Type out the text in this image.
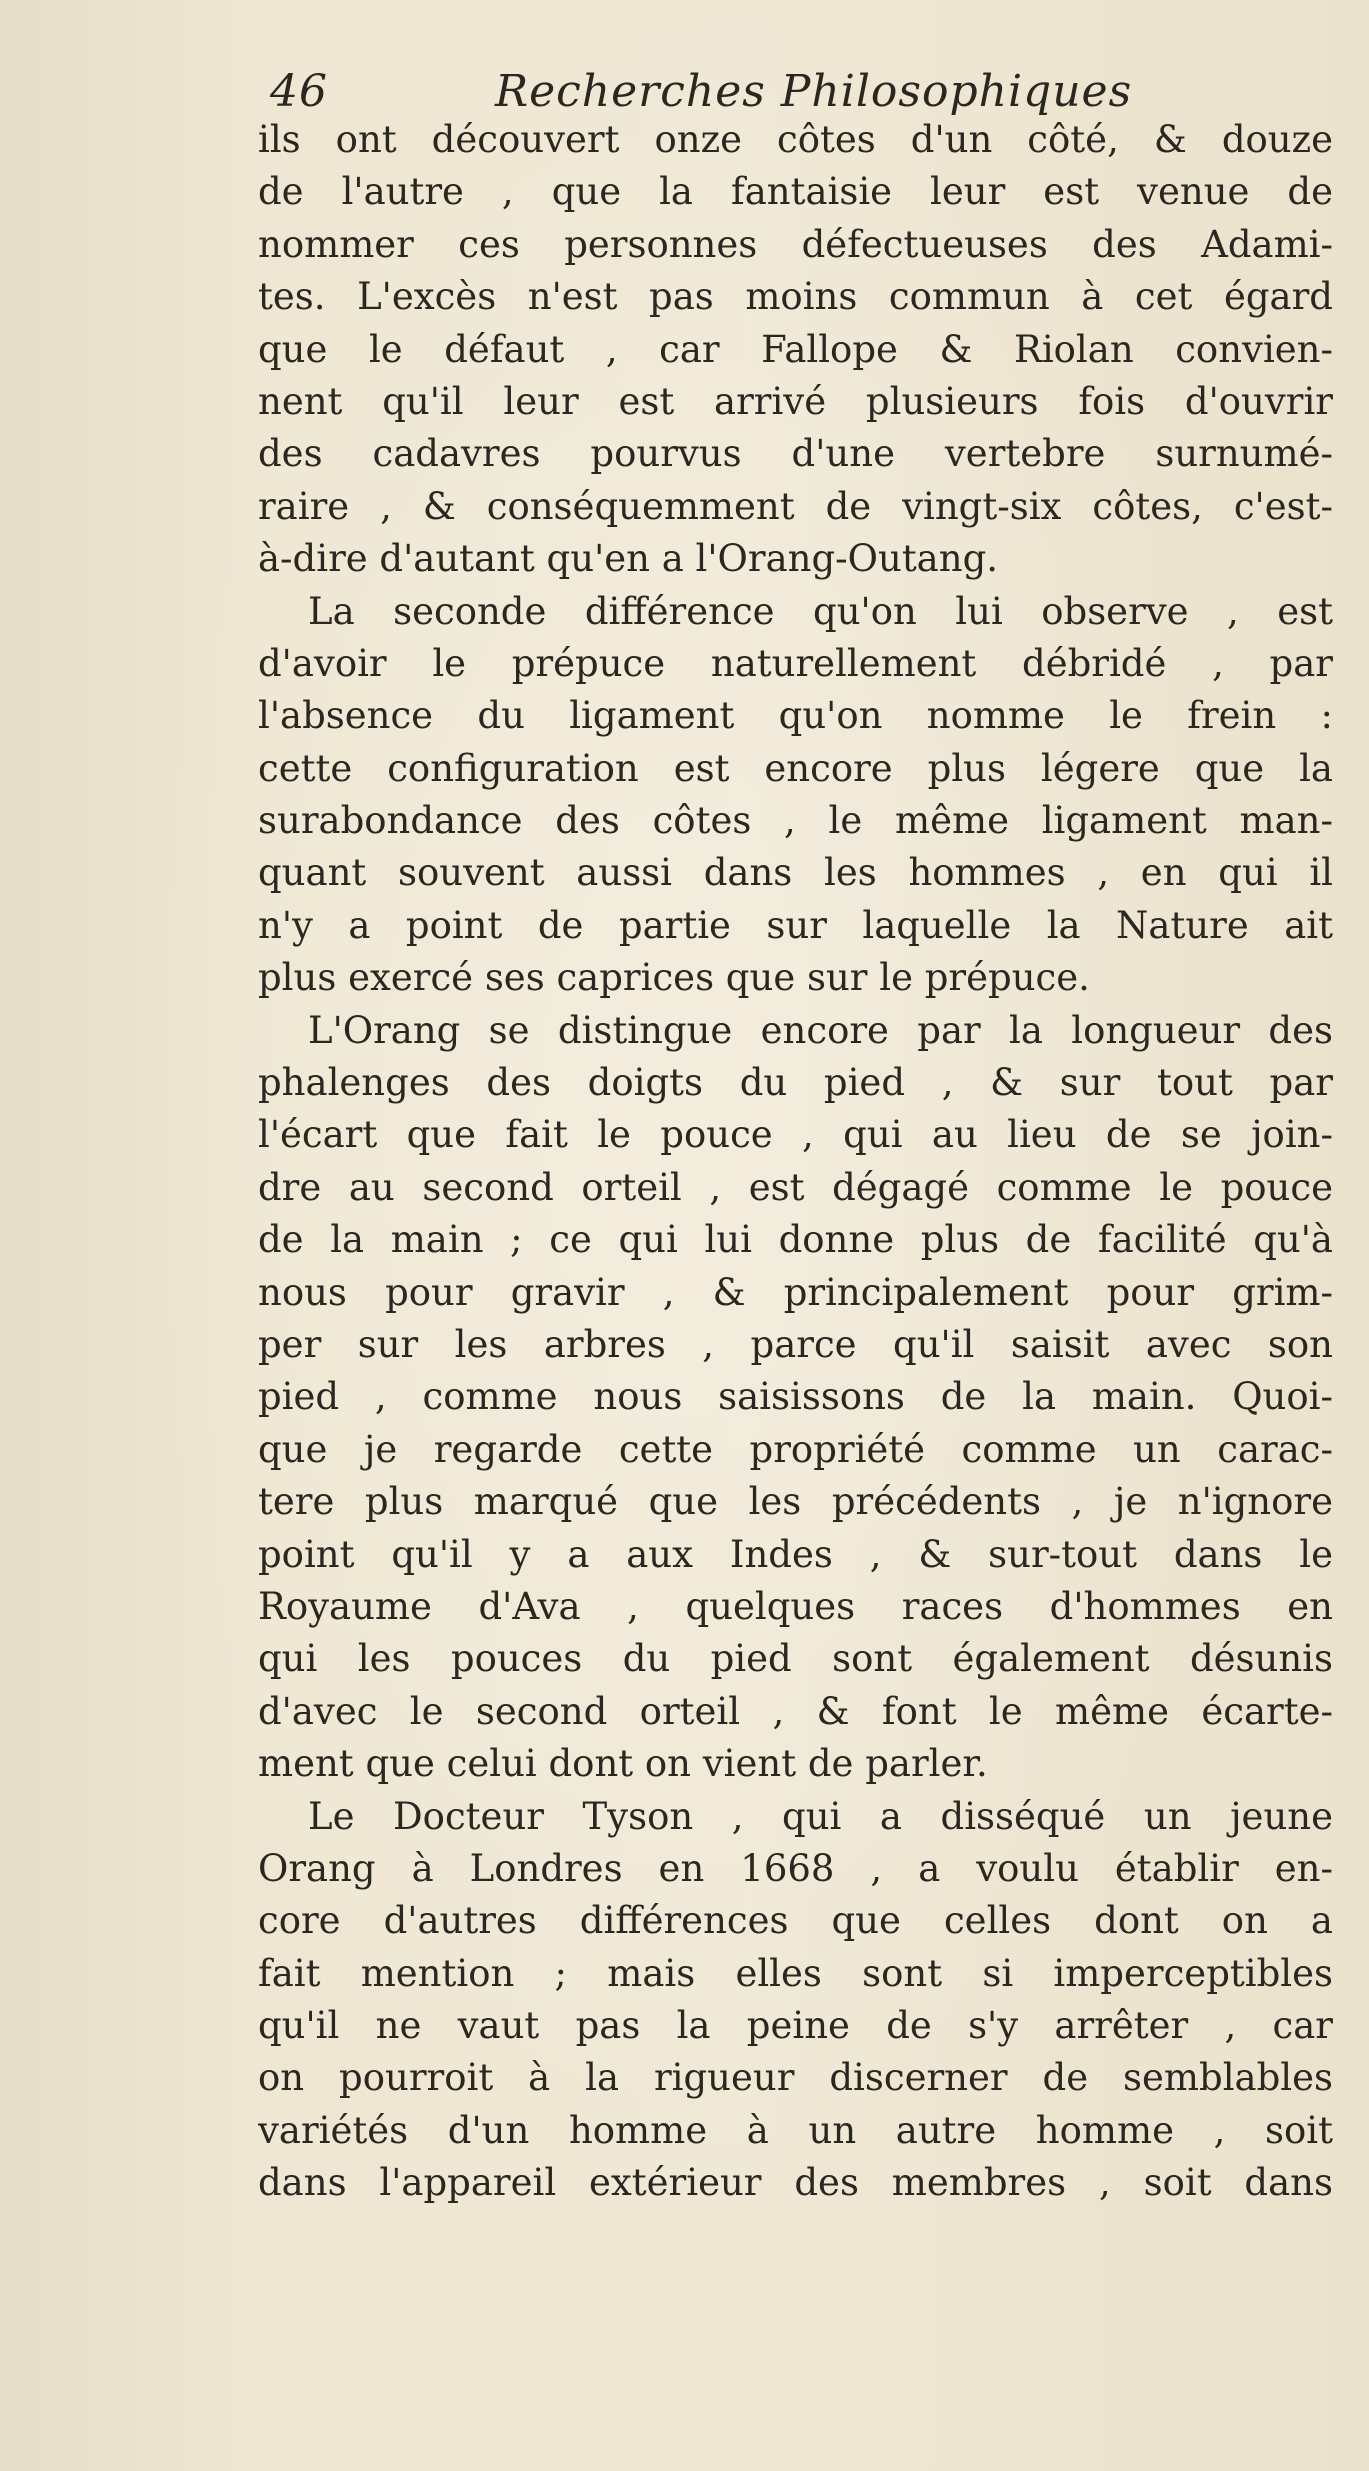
46	Recherches Philosophiques
ils ont découvert onze côtes d'un côté, & douze
de l'autre , que la fantaisie leur est venue de
nommer ces personnes défectueuses des Adami-
tes. L'excès n'est pas moins commun à cet égard
que le défaut , car Fallope & Riolan convien-
nent qu'il leur est arrivé plusieurs fois d'ouvrir
des cadavres pourvus d'une vertebre surnumé-
raire , & conséquemment de vingt-six côtes, c'est-
à-dire d'autant qu'en a l'Orang-Outang.
La seconde différence qu'on lui observe , est
d'avoir le prépuce naturellement débridé , par
l'absence du ligament qu'on nomme le frein :
cette configuration est encore plus légere que la
surabondance des côtes , le même ligament man-
quant souvent aussi dans les hommes , en qui il
n'y a point de partie sur laquelle la Nature ait
plus exercé ses caprices que sur le prépuce.
L'Orang se distingue encore par la longueur des
phalenges des doigts du pied , & sur tout par
l'écart que fait le pouce , qui au lieu de se join-
dre au second orteil , est dégagé comme le pouce
de la main ; ce qui lui donne plus de facilité qu'à
nous pour gravir , & principalement pour grim-
per sur les arbres , parce qu'il saisit avec son
pied , comme nous saisissons de la main. Quoi-
que je regarde cette propriété comme un carac-
tere plus marqué que les précédents , je n'ignore
point qu'il y a aux Indes , & sur-tout dans le
Royaume d'Ava , quelques races d'hommes en
qui les pouces du pied sont également désunis
d'avec le second orteil , & font le même écarte-
ment que celui dont on vient de parler.
Le Docteur Tyson , qui a disséqué un jeune
Orang à Londres en 1668 , a voulu établir en-
core d'autres différences que celles dont on a
fait mention ; mais elles sont si imperceptibles
qu'il ne vaut pas la peine de s'y arrêter , car
on pourroit à la rigueur discerner de semblables
variétés d'un homme à un autre homme , soit
dans l'appareil extérieur des membres , soit dans
